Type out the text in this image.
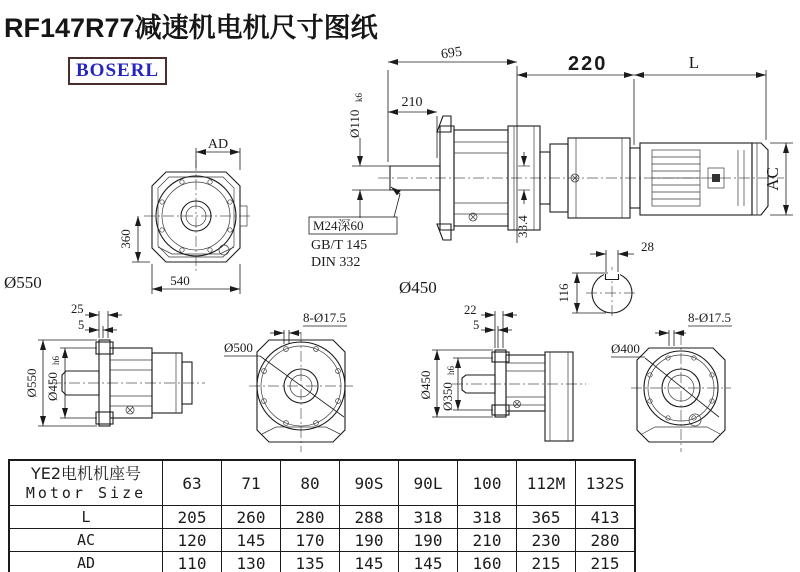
AD
360
540
Ø550
695	220	L
210
Ø110
k6
33.4
M24深60
GB/T 145
DIN 332
AC
Ø450
28
116
25
5
Ø550 Ø450
h6
Ø500
8-Ø17.5	22
5
Ø450 Ø350
h6
Ø400
8-Ø17.5
RF147R77减速机电机尺寸图纸
BOSERL
YE2电机机座号
Motor Size	63	71	80	90S	90L	100	112M	132S
L	205	260	280	288	318	318	365	413
AC	120	145	170	190	190	210	230	280
AD	110	130	135	145	145	160	215	215
